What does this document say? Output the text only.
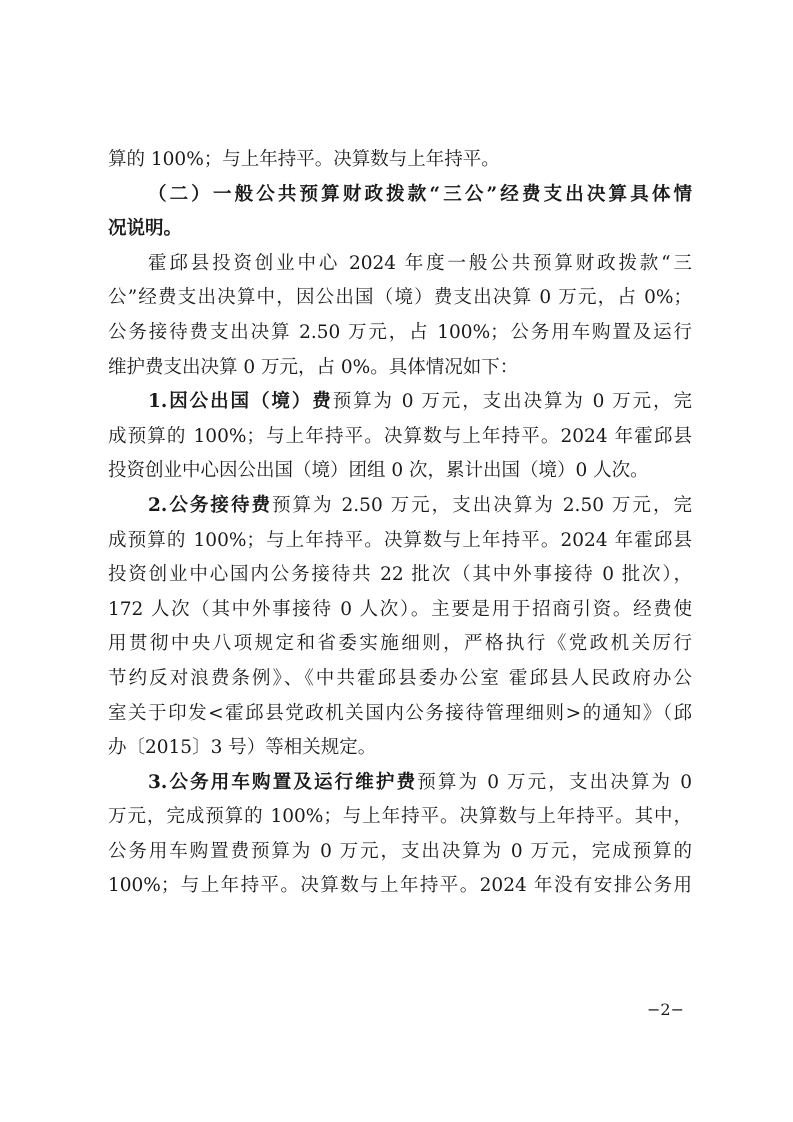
算的 100%；与上年持平。决算数与上年持平。
（二）一般公共预算财政拨款“三公”经费支出决算具体情
况说明。
霍邱县投资创业中心 2024 年度一般公共预算财政拨款“三
公”经费支出决算中，因公出国（境）费支出决算 0 万元，占 0%；
公务接待费支出决算 2.50 万元，占 100%；公务用车购置及运行
维护费支出决算 0 万元，占 0%。具体情况如下：
1.因公出国（境）费预算为 0 万元，支出决算为 0 万元，完
成预算的 100%；与上年持平。决算数与上年持平。2024 年霍邱县
投资创业中心因公出国（境）团组 0 次，累计出国（境）0 人次。
2.公务接待费预算为 2.50 万元，支出决算为 2.50 万元，完
成预算的 100%；与上年持平。决算数与上年持平。2024 年霍邱县
投资创业中心国内公务接待共 22 批次（其中外事接待 0 批次），
172 人次（其中外事接待 0 人次）。主要是用于招商引资。经费使
用贯彻中央八项规定和省委实施细则，严格执行《党政机关厉行
节约反对浪费条例》、《中共霍邱县委办公室 霍邱县人民政府办公
室关于印发<霍邱县党政机关国内公务接待管理细则>的通知》（邱
办〔2015〕3 号）等相关规定。
3.公务用车购置及运行维护费预算为 0 万元，支出决算为 0
万元，完成预算的 100%；与上年持平。决算数与上年持平。其中，
公务用车购置费预算为 0 万元，支出决算为 0 万元，完成预算的
100%；与上年持平。决算数与上年持平。2024 年没有安排公务用
−2−
